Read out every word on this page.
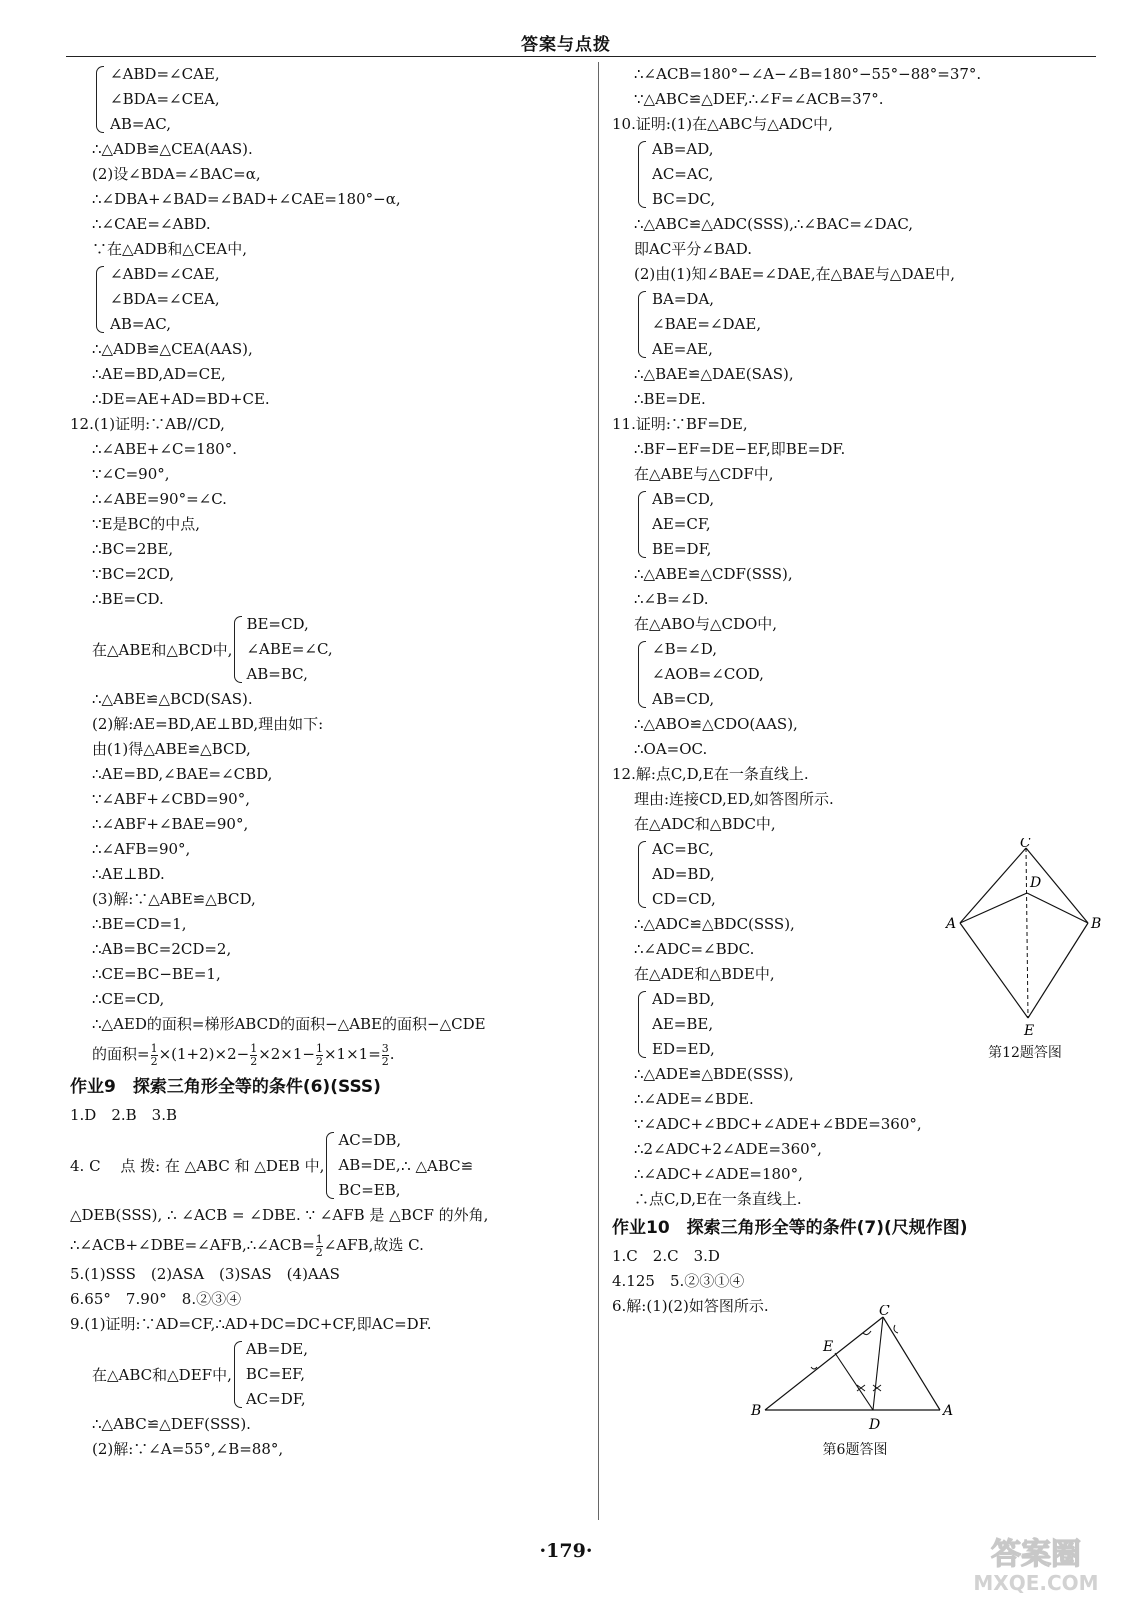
答案与点拨
∠ABD=∠CAE,
∠BDA=∠CEA,
AB=AC,
∴△ADB≌△CEA(AAS).
(2)设∠BDA=∠BAC=α,
∴∠DBA+∠BAD=∠BAD+∠CAE=180°−α,
∴∠CAE=∠ABD.
∵在△ADB和△CEA中,
∠ABD=∠CAE,
∠BDA=∠CEA,
AB=AC,
∴△ADB≌△CEA(AAS),
∴AE=BD,AD=CE,
∴DE=AE+AD=BD+CE.
12.(1)证明:∵AB//CD,
∴∠ABE+∠C=180°.
∵∠C=90°,
∴∠ABE=90°=∠C.
∵E是BC的中点,
∴BC=2BE,
∵BC=2CD,
∴BE=CD.
在△ABE和△BCD中,
BE=CD,
∠ABE=∠C,
AB=BC,
∴△ABE≌△BCD(SAS).
(2)解:AE=BD,AE⊥BD,理由如下:
由(1)得△ABE≌△BCD,
∴AE=BD,∠BAE=∠CBD,
∵∠ABF+∠CBD=90°,
∴∠ABF+∠BAE=90°,
∴∠AFB=90°,
∴AE⊥BD.
(3)解:∵△ABE≌△BCD,
∴BE=CD=1,
∴AB=BC=2CD=2,
∴CE=BC−BE=1,
∴CE=CD,
∴△AED的面积=梯形ABCD的面积−△ABE的面积−△CDE
的面积= $\frac{1}{2} \times(1+2)\times 2- \frac{1}{2} \times 2\times 1- \frac{1}{2} \times 1\times 1= \frac{3}{2}$ .
作业9　探索三角形全等的条件(6)(SSS)
1.D　2.B　3.B
4. C　 点 拨: 在 △ABC 和 △DEB 中,
AC=DB,
AB=DE,
BC=EB,
∴ △ABC≌
△DEB(SSS), ∴ ∠ACB = ∠DBE. ∵ ∠AFB 是 △BCF 的外角,
∴∠ACB+∠DBE=∠AFB,∴∠ACB= $\frac{1}{2}$ ∠AFB,故选 C.
5.(1)SSS　(2)ASA　(3)SAS　(4)AAS
6.65°　7.90°　8.②③④
9.(1)证明:∵AD=CF,∴AD+DC=DC+CF,即AC=DF.
在△ABC和△DEF中,
AB=DE,
BC=EF,
AC=DF,
∴△ABC≌△DEF(SSS).
(2)解:∵∠A=55°,∠B=88°,
∴∠ACB=180°−∠A−∠B=180°−55°−88°=37°.
∵△ABC≌△DEF,∴∠F=∠ACB=37°.
10.证明:(1)在△ABC与△ADC中,
AB=AD,
AC=AC,
BC=DC,
∴△ABC≌△ADC(SSS),∴∠BAC=∠DAC,
即AC平分∠BAD.
(2)由(1)知∠BAE=∠DAE,在△BAE与△DAE中,
BA=DA,
∠BAE=∠DAE,
AE=AE,
∴△BAE≌△DAE(SAS),
∴BE=DE.
11.证明:∵BF=DE,
∴BF−EF=DE−EF,即BE=DF.
在△ABE与△CDF中,
AB=CD,
AE=CF,
BE=DF,
∴△ABE≌△CDF(SSS),
∴∠B=∠D.
在△ABO与△CDO中,
∠B=∠D,
∠AOB=∠COD,
AB=CD,
∴△ABO≌△CDO(AAS),
∴OA=OC.
12.解:点C,D,E在一条直线上.
理由:连接CD,ED,如答图所示.
在△ADC和△BDC中,
AC=BC,
AD=BD,
CD=CD,
∴△ADC≌△BDC(SSS),
∴∠ADC=∠BDC.
在△ADE和△BDE中,
AD=BD,
AE=BE,
ED=ED,
∴△ADE≌△BDE(SSS),
∴∠ADE=∠BDE.
∵∠ADC+∠BDC+∠ADE+∠BDE=360°,
∴2∠ADC+2∠ADE=360°,
∴∠ADC+∠ADE=180°,
∴点C,D,E在一条直线上.
作业10　探索三角形全等的条件(7)(尺规作图)
1.C　2.C　3.D
4.125　5.②③①④
6.解:(1)(2)如答图所示.
C
D
A	B
E
第12题答图
C
E
B
D
A
第6题答图
·179·	答案圈
MXQE.COM
